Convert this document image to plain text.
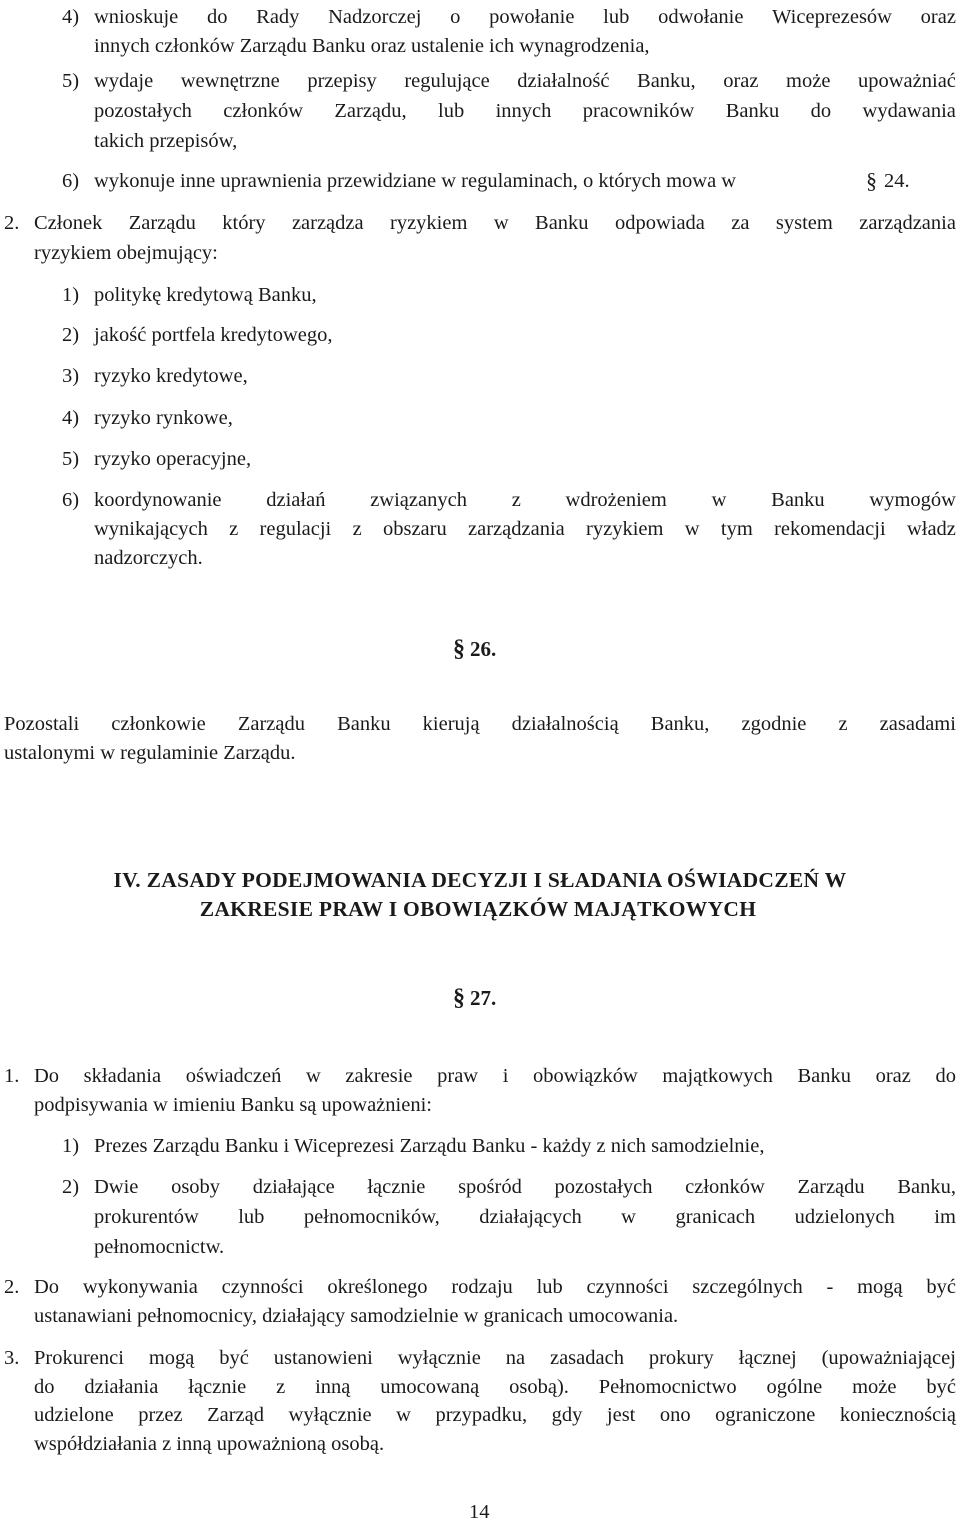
4) wnioskuje do Rady Nadzorczej o powołanie lub odwołanie Wiceprezesów oraz
innych członków Zarządu Banku oraz ustalenie ich wynagrodzenia,
5) wydaje wewnętrzne przepisy regulujące działalność Banku, oraz może upoważniać
pozostałych członków Zarządu, lub innych pracowników Banku do wydawania
takich przepisów,
6) wykonuje inne uprawnienia przewidziane w regulaminach, o których mowa w	§ 24.
2. Członek Zarządu który zarządza ryzykiem w Banku odpowiada za system zarządzania
ryzykiem obejmujący:
1) politykę kredytową Banku,
2) jakość portfela kredytowego,
3) ryzyko kredytowe,
4) ryzyko rynkowe,
5) ryzyko operacyjne,
6) koordynowanie działań związanych z wdrożeniem w Banku wymogów
wynikających z regulacji z obszaru zarządzania ryzykiem w tym rekomendacji władz
nadzorczych.
§ 26.
Pozostali członkowie Zarządu Banku kierują działalnością Banku, zgodnie z zasadami
ustalonymi w regulaminie Zarządu.
IV. ZASADY PODEJMOWANIA DECYZJI I SŁADANIA OŚWIADCZEŃ W
ZAKRESIE PRAW I OBOWIĄZKÓW MAJĄTKOWYCH
§ 27.
1. Do składania oświadczeń w zakresie praw i obowiązków majątkowych Banku oraz do
podpisywania w imieniu Banku są upoważnieni:
1) Prezes Zarządu Banku i Wiceprezesi Zarządu Banku - każdy z nich samodzielnie,
2) Dwie osoby działające łącznie spośród pozostałych członków Zarządu Banku,
prokurentów lub pełnomocników, działających w granicach udzielonych im
pełnomocnictw.
2. Do wykonywania czynności określonego rodzaju lub czynności szczególnych - mogą być
ustanawiani pełnomocnicy, działający samodzielnie w granicach umocowania.
3. Prokurenci mogą być ustanowieni wyłącznie na zasadach prokury łącznej (upoważniającej
do działania łącznie z inną umocowaną osobą). Pełnomocnictwo ogólne może być
udzielone przez Zarząd wyłącznie w przypadku, gdy jest ono ograniczone koniecznością
współdziałania z inną upoważnioną osobą.
14
